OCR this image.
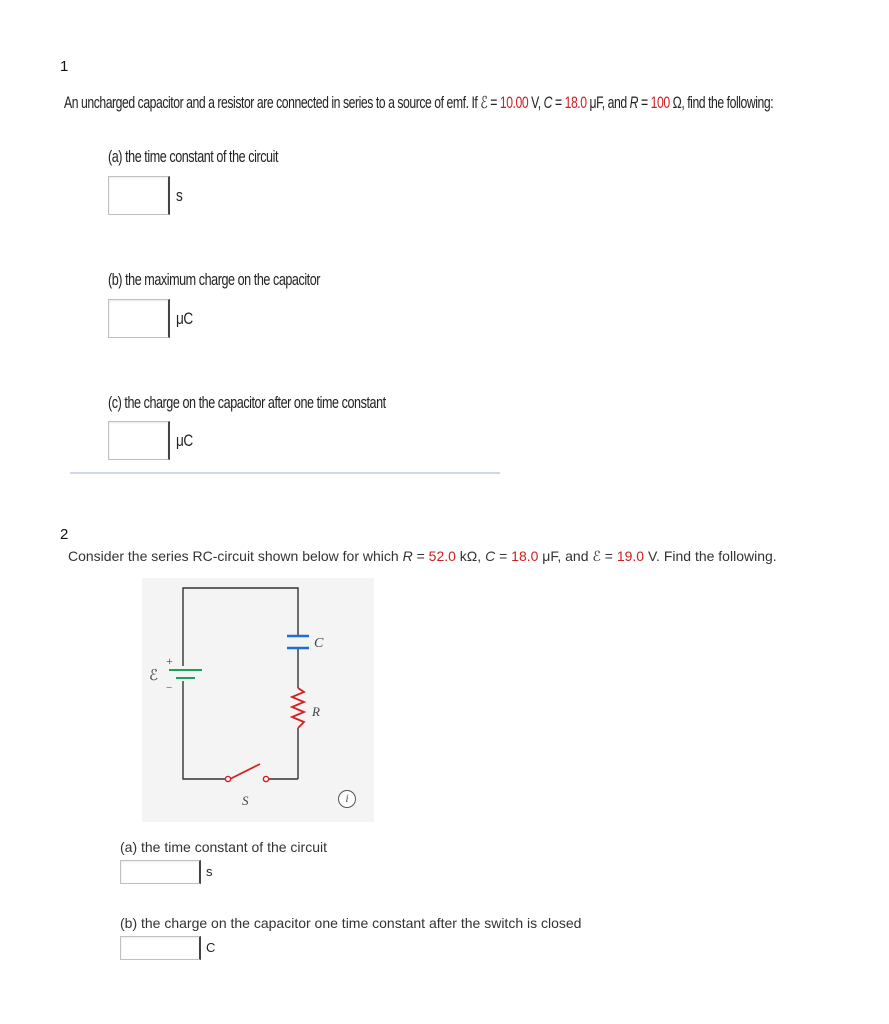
1
An uncharged capacitor and a resistor are connected in series to a source of emf. If ℰ = 10.00 V, C = 18.0 μF, and R = 100 Ω, find the following:
(a) the time constant of the circuit
s
(b) the maximum charge on the capacitor
μC
(c) the charge on the capacitor after one time constant
μC
2
Consider the series RC-circuit shown below for which R = 52.0 kΩ, C = 18.0 μF, and ℰ = 19.0 V. Find the following.
C
R
S
ℰ
+
−
i
(a) the time constant of the circuit
s
(b) the charge on the capacitor one time constant after the switch is closed
C
